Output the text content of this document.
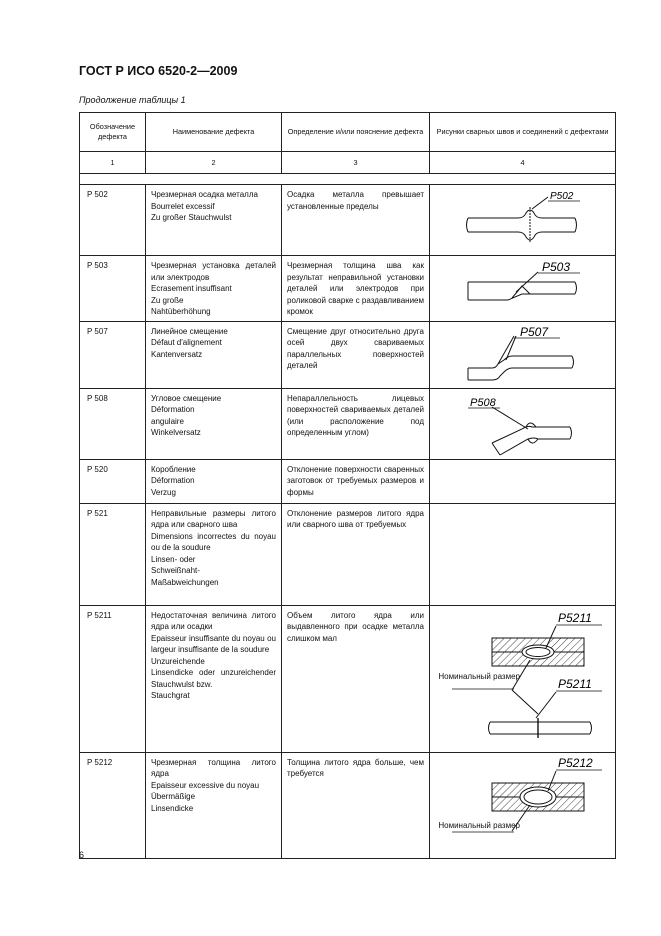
ГОСТ Р ИСО 6520-2—2009
Продолжение таблицы 1
Обозначение дефекта	Наименование дефекта	Определение и/или пояснение дефекта	Рисунки сварных швов и соединений с дефектами
1	2	3	4

P 502	Чрезмерная осадка металла
Bourrelet excessif
Zu großer Stauchwulst	Осадка металла превышает установленные пределы	P502

P 503	Чрезмерная установка деталей или электродов
Ecrasement insuffisant
Zu große
Nahtüberhöhung	Чрезмерная толщина шва как результат неправильной установки деталей или электродов при роликовой сварке с раздавливанием кромок	P503

P 507	Линейное смещение
Défaut d'alignement
Kantenversatz	Смещение друг относительно друга осей двух свариваемых параллельных поверхностей деталей	P507

P 508	Угловое смещение
Déformation
angulaire
Winkelversatz	Непараллельность лицевых поверхностей свариваемых деталей (или расположение под определенным углом)	P508

P 520	Коробление
Déformation
Verzug	Отклонение поверхности сваренных заготовок от требуемых размеров и формы	
P 521	Неправильные размеры литого ядра или сварного шва
Dimensions incorrectes du noyau ou de la soudure
Linsen- oder
Schweißnaht-
Maßabweichungen	Отклонение размеров литого ядра или сварного шва от требуемых	
P 5211	Недостаточная величина литого ядра или осадки
Epaisseur insuffisante du noyau ou largeur insuffisante de la soudure
Unzureichende
Linsendicke oder unzureichender Stauchwulst bzw.
Stauchgrat	Объем литого ядра или выдавленного при осадке металла слишком мал	P5211
P5211
Номинальный размер

P 5212	Чрезмерная толщина литого ядра
Epaisseur excessive du noyau
Übermäßige
Linsendicke	Толщина литого ядра больше, чем требуется	P5212
Номинальный размер
6
